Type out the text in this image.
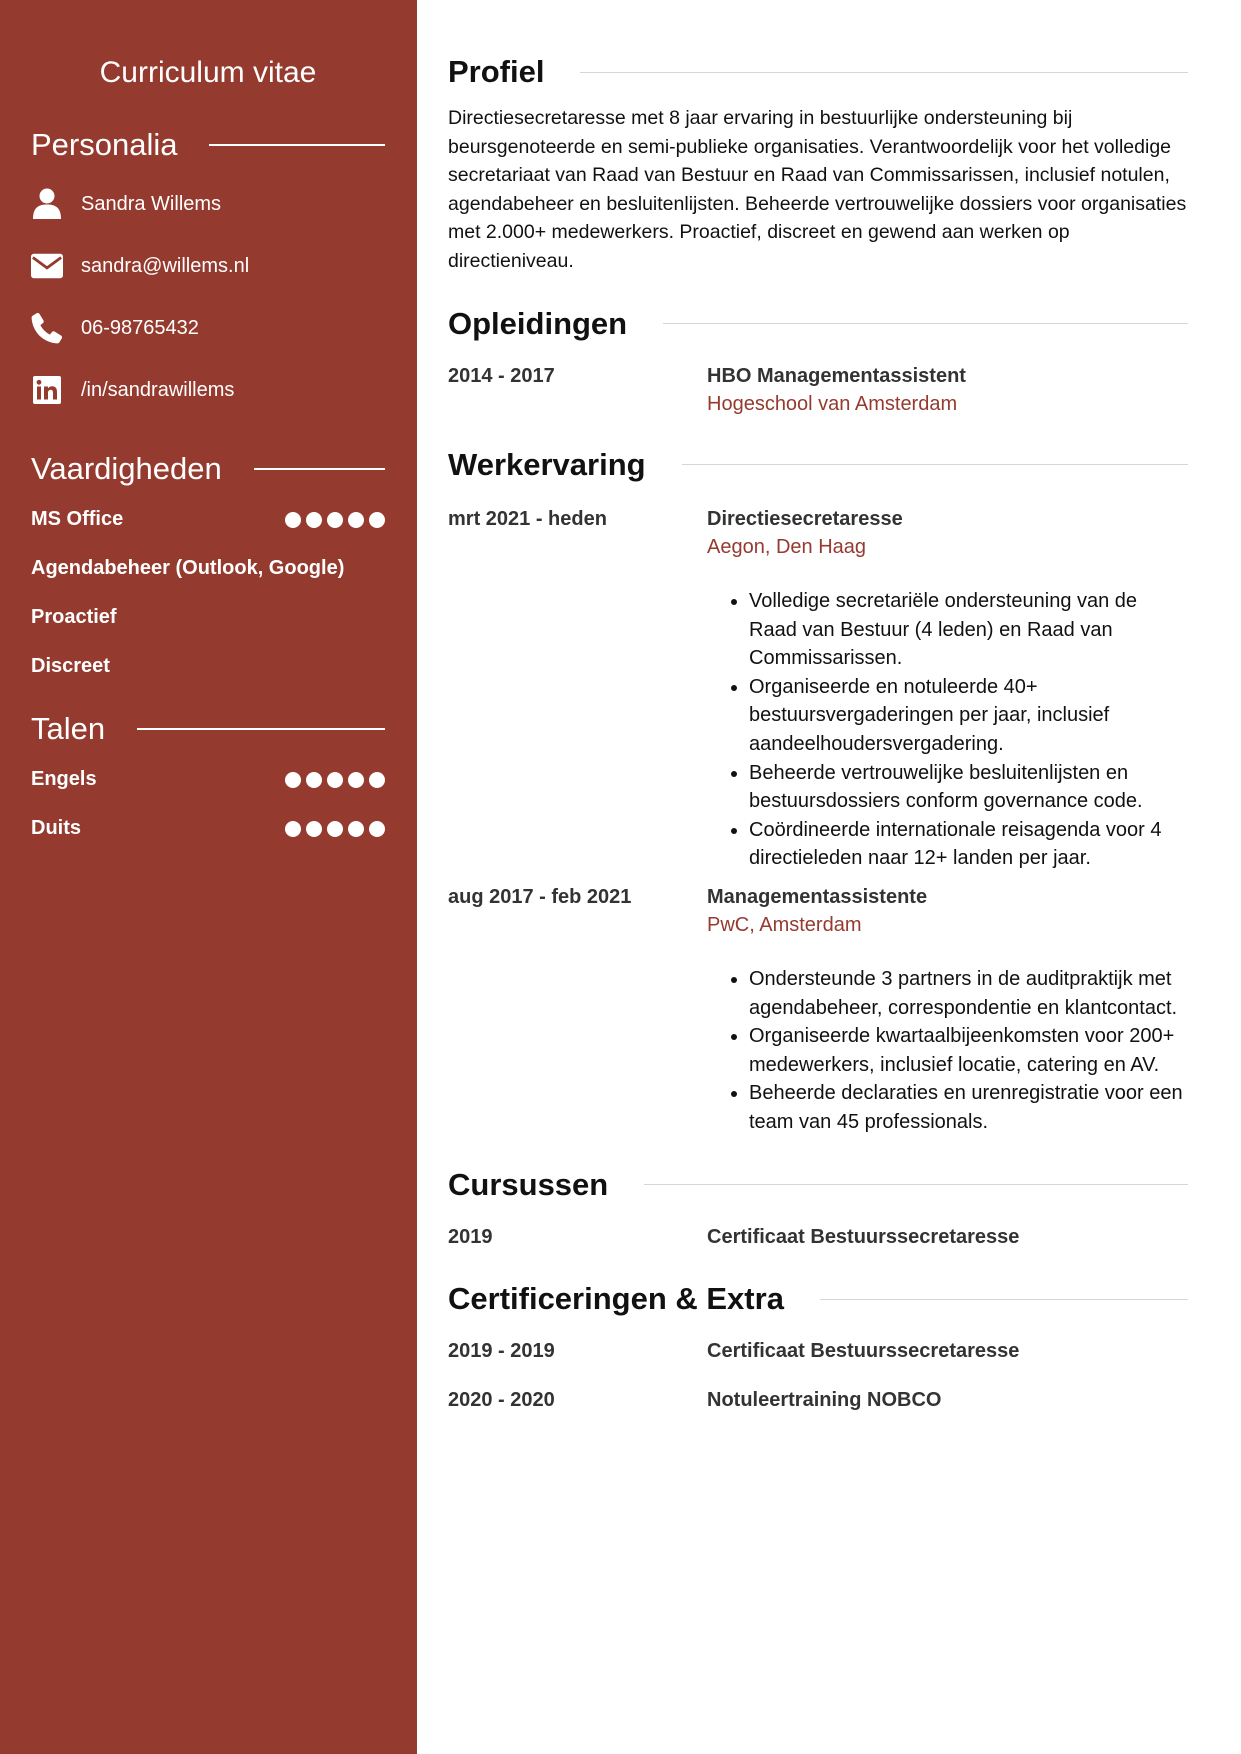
Curriculum vitae
Personalia
Sandra Willems
sandra@willems.nl
06-98765432
/in/sandrawillems
Vaardigheden
MS Office
Agendabeheer (Outlook, Google)
Proactief
Discreet
Talen
Engels
Duits
Profiel

Directiesecretaresse met 8 jaar ervaring in bestuurlijke ondersteuning bij beursgenoteerde en semi-publieke organisaties. Verantwoordelijk voor het volledige secretariaat van Raad van Bestuur en Raad van Commissarissen, inclusief notulen, agendabeheer en besluitenlijsten. Beheerde vertrouwelijke dossiers voor organisaties met 2.000+ medewerkers. Proactief, discreet en gewend aan werken op directieniveau.

Opleidingen
2014 - 2017	HBO Managementassistent
Hogeschool van Amsterdam
Werkervaring
mrt 2021 - heden	Directiesecretaresse
Aegon, Den Haag
• Volledige secretariële ondersteuning van de Raad van Bestuur (4 leden) en Raad van Commissarissen.
• Organiseerde en notuleerde 40+ bestuursvergaderingen per jaar, inclusief aandeelhoudersvergadering.
• Beheerde vertrouwelijke besluitenlijsten en bestuursdossiers conform governance code.
• Coördineerde internationale reisagenda voor 4 directieleden naar 12+ landen per jaar.
aug 2017 - feb 2021	Managementassistente
PwC, Amsterdam
• Ondersteunde 3 partners in de auditpraktijk met agendabeheer, correspondentie en klantcontact.
• Organiseerde kwartaalbijeenkomsten voor 200+ medewerkers, inclusief locatie, catering en AV.
• Beheerde declaraties en urenregistratie voor een team van 45 professionals.
Cursussen
2019	Certificaat Bestuurssecretaresse
Certificeringen & Extra
2019 - 2019	Certificaat Bestuurssecretaresse
2020 - 2020	Notuleertraining NOBCO
